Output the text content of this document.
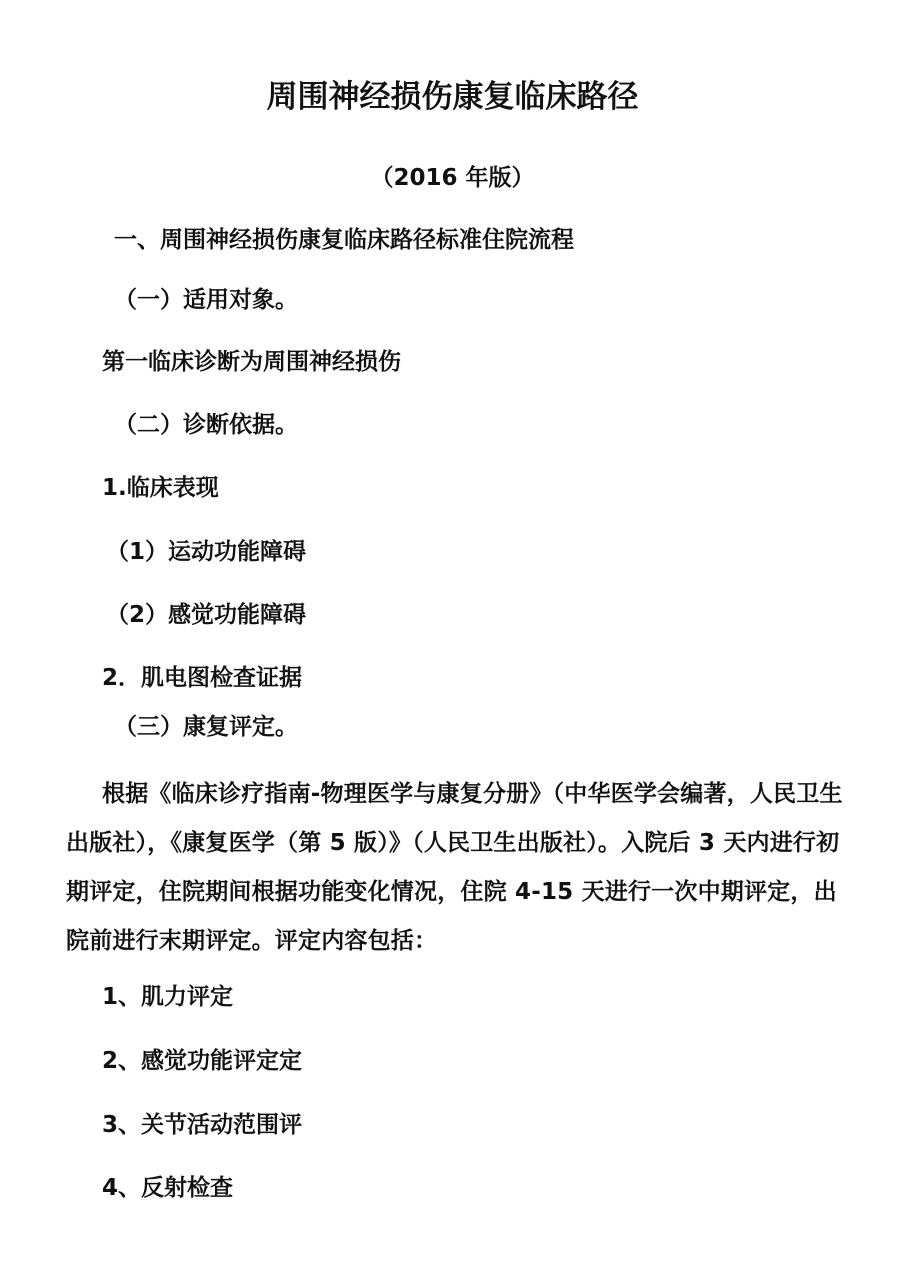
周围神经损伤康复临床路径

（2016 年版）

一、周围神经损伤康复临床路径标准住院流程

（一）适用对象。

第一临床诊断为周围神经损伤

（二）诊断依据。

1.临床表现

（1）运动功能障碍

（2）感觉功能障碍

2．肌电图检查证据

（三）康复评定。

根据《临床诊疗指南-物理医学与康复分册》（中华医学会编著，人民卫生出版社），《康复医学（第 5 版）》（人民卫生出版社）。入院后 3 天内进行初期评定，住院期间根据功能变化情况，住院 4-15 天进行一次中期评定，出院前进行末期评定。评定内容包括：

1、肌力评定

2、感觉功能评定定

3、关节活动范围评

4、反射检查
